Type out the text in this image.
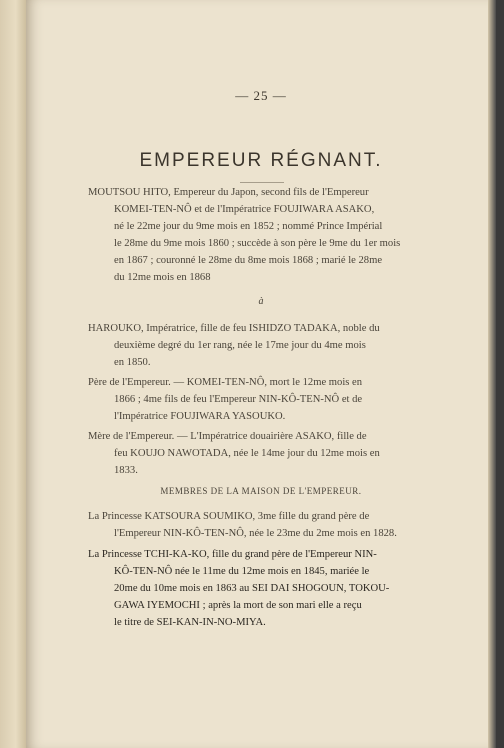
— 25 —
EMPEREUR RÉGNANT.
MOUTSOU HITO, Empereur du Japon, second fils de l'Empereur
KOMEI-TEN-NÔ et de l'Impératrice FOUJIWARA ASAKO,
né le 22me jour du 9me mois en 1852 ; nommé Prince Impérial
le 28me du 9me mois 1860 ; succède à son père le 9me du 1er mois
en 1867 ; couronné le 28me du 8me mois 1868 ; marié le 28me
du 12me mois en 1868
à
HAROUKO, Impératrice, fille de feu ISHIDZO TADAKA, noble du
deuxième degré du 1er rang, née le 17me jour du 4me mois
en 1850.
Père de l'Empereur. — KOMEI-TEN-NÔ, mort le 12me mois en
1866 ; 4me fils de feu l'Empereur NIN-KÔ-TEN-NÔ et de
l'Impératrice FOUJIWARA YASOUKO.
Mère de l'Empereur. — L'Impératrice douairière ASAKO, fille de
feu KOUJO NAWOTADA, née le 14me jour du 12me mois en
1833.
MEMBRES DE LA MAISON DE L'EMPEREUR.
La Princesse KATSOURA SOUMIKO, 3me fille du grand père de
l'Empereur NIN-KÔ-TEN-NÔ, née le 23me du 2me mois en 1828.
La Princesse TCHI-KA-KO, fille du grand père de l'Empereur NIN-
KÔ-TEN-NÔ née le 11me du 12me mois en 1845, mariée le
20me du 10me mois en 1863 au SEI DAI SHOGOUN, TOKOU-
GAWA IYEMOCHI ; après la mort de son mari elle a reçu
le titre de SEI-KAN-IN-NO-MIYA.
